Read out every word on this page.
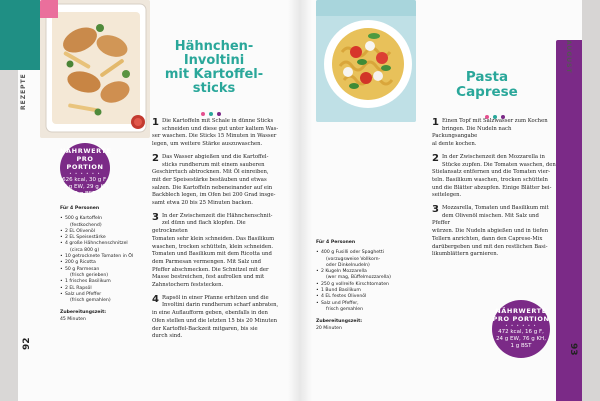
REZEPTE
92
NÄHRWERTE
PRO PORTION
• • • • • •
626 kcal, 30 g F,
58 g EW, 29 g KH,
2 g BST
Für 4 Personen
• 500 g Kartoffeln
(festkochend)
• 2 EL Olivenöl
• 2 EL Speisestärke
• 4 große Hähnchenschnitzel
(circa 800 g)
• 10 getrocknete Tomaten in Öl
• 200 g Ricotta
• 50 g Parmesan
(frisch gerieben)
• 1 frisches Basilikum
• 2 EL Rapsöl
• Salz und Pfeffer
(frisch gemahlen)
Zubereitungszeit:
45 Minuten
Hähnchen-
Involtini
mit Kartoffel-
sticks
1 Die Kartoffeln mit Schale in dünne Sticks
schneiden und diese gut unter kaltem Was-
ser waschen. Die Sticks 15 Minuten in Wasser
legen, um weitere Stärke auszuwaschen.
2 Das Wasser abgießen und die Kartoffel-
sticks rundherum mit einem sauberen
Geschirrtuch abtrocknen. Mit Öl einreiben,
mit der Speisestärke bestäuben und etwas
salzen. Die Kartoffeln nebeneinander auf ein
Backblech legen, im Ofen bei 200 Grad insge-
samt etwa 20 bis 25 Minuten backen.
3 In der Zwischenzeit die Hähnchenschnit-
zel dünn und flach klopfen. Die getrockneten
Tomaten sehr klein schneiden. Das Basilikum
waschen, trocken schütteln, klein schneiden.
Tomaten und Basilikum mit dem Ricotta und
dem Parmesan vermengen. Mit Salz und
Pfeffer abschmecken. Die Schnitzel mit der
Masse bestreichen, fest aufrollen und mit
Zahnstochern feststecken.
4 Rapsöl in einer Pfanne erhitzen und die
Involtini darin rundherum scharf anbraten,
in eine Auflaufform geben, ebenfalls in den
Ofen stellen und die letzten 15 bis 20 Minuten
der Kartoffel-Backzeit mitgaren, bis sie
durch sind.
AUGUST
93
Pasta
Caprese
1 Einen Topf mit Salzwasser zum Kochen
bringen. Die Nudeln nach Packungsangabe
al dente kochen.
2 In der Zwischenzeit den Mozzarella in
Stücke zupfen. Die Tomaten waschen, den
Stielansatz entfernen und die Tomaten vier-
teln. Basilikum waschen, trocken schütteln
und die Blätter abzupfen. Einige Blätter bei-
seitelegen.
3 Mozzarella, Tomaten und Basilikum mit
dem Olivenöl mischen. Mit Salz und Pfeffer
würzen. Die Nudeln abgießen und in tiefen
Tellern anrichten, dann den Caprese-Mix
darübergeben und mit den restlichen Basi-
likumblättern garnieren.
Für 4 Personen
• 400 g Fusilli oder Spaghetti
(vorzugsweise Vollkorn-
oder Dinkelnudeln)
• 2 Kugeln Mozzarella
(wer mag, Büffelmozzarella)
• 250 g vollreife Kirschtomaten
• 1 Bund Basilikum
• 4 EL festes Olivenöl
• Salz und Pfeffer,
frisch gemahlen
Zubereitungszeit:
20 Minuten
NÄHRWERTE
PRO PORTION
• • • • • •
472 kcal, 16 g F,
24 g EW, 76 g KH,
1 g BST
